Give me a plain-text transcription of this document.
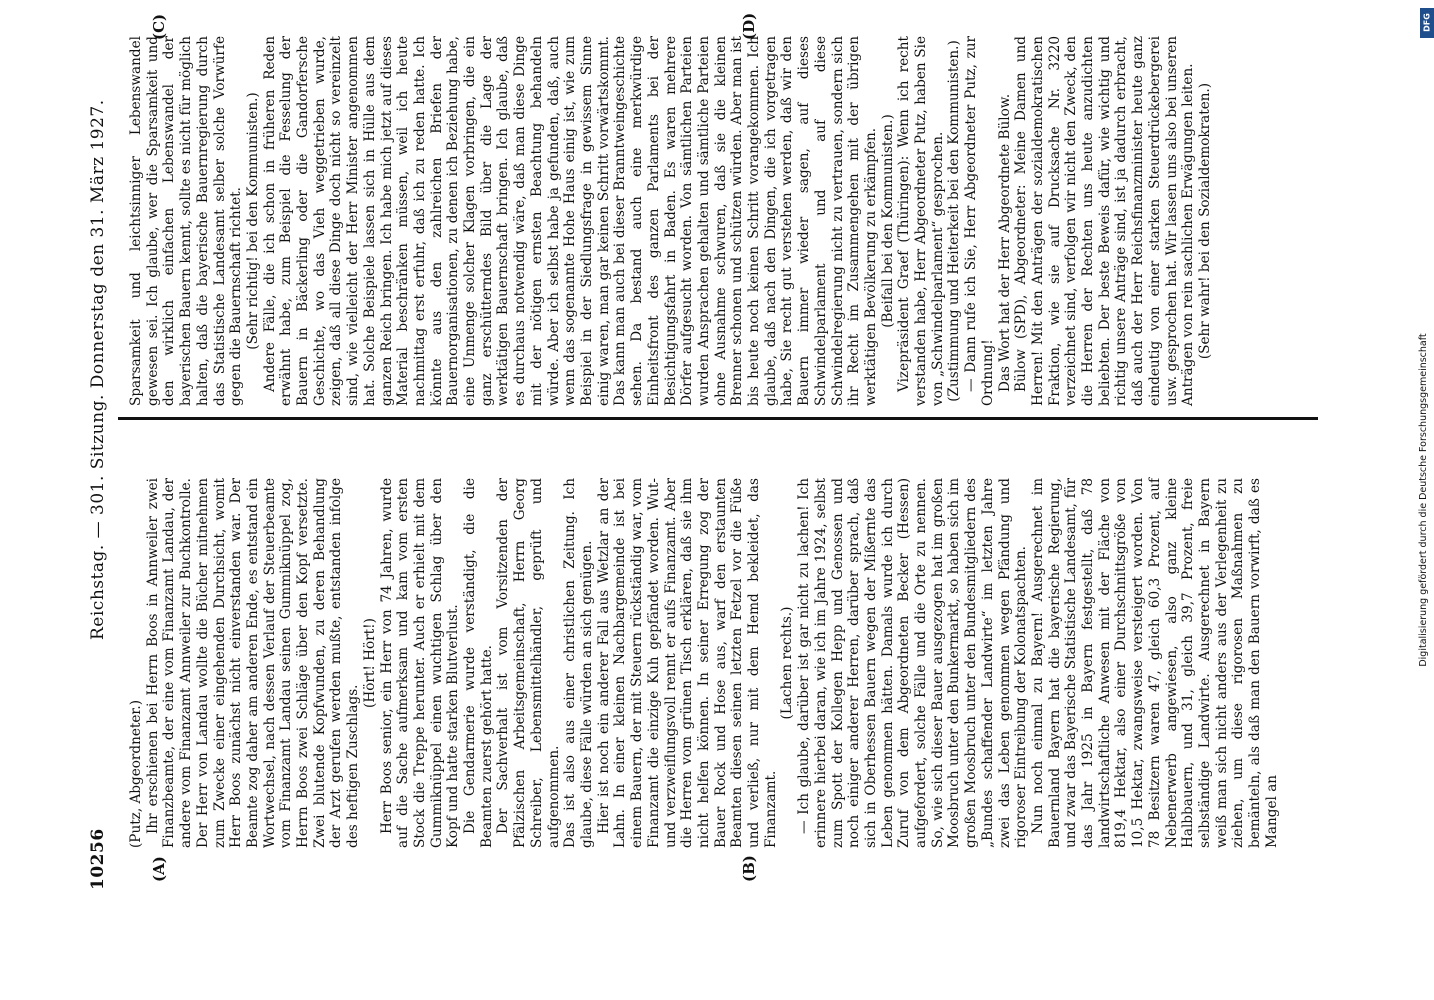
10256
Reichstag. — 301. Sitzung. Donnerstag den 31. März 1927.
(A)	(B)
(C)	(D)

(Putz, Abgeordneter.) Ihr erschienen bei Herrn Boos in Annweiler zwei Finanzbeamte, der eine vom Finanzamt Landau, der andere vom Finanzamt Annweiler zur Buchkontrolle. Der Herr von Landau wollte die Bücher mitnehmen zum Zwecke einer eingehenden Durchsicht, womit Herr Boos zunächst nicht einverstanden war. Der Beamte zog daher am anderen Ende, es entstand ein Wortwechsel, nach dessen Verlauf der Steuerbeamte vom Finanzamt Landau seinen Gummiknüppel zog, Herrn Boos zwei Schläge über den Kopf versetzte. Zwei blutende Kopfwunden, zu deren Behandlung der Arzt gerufen werden mußte, entstanden infolge des heftigen Zuschlags.

(Hört! Hört!) Herr Boos senior, ein Herr von 74 Jahren, wurde auf die Sache aufmerksam und kam vom ersten Stock die Treppe herunter. Auch er erhielt mit dem Gummiknüppel einen wuchtigen Schlag über den Kopf und hatte starken Blutverlust. Die Gendarmerie wurde verständigt, die die Beamten zuerst gehört hatte. Der Sachverhalt ist vom Vorsitzenden der Pfälzischen Arbeitsgemeinschaft, Herrn Georg Schreiber, Lebensmittelhändler, geprüft und aufgenommen. Das ist also aus einer christlichen Zeitung. Ich glaube, diese Fälle würden an sich genügen. Hier ist noch ein anderer Fall aus Wetzlar an der Lahn. In einer kleinen Nachbargemeinde ist bei einem Bauern, der mit Steuern rückständig war, vom Finanzamt die einzige Kuh gepfändet worden. Wut- und verzweiflungsvoll rennt er aufs Finanzamt. Aber die Herren vom grünen Tisch erklären, daß sie ihm nicht helfen können. In seiner Erregung zog der Bauer Rock und Hose aus, warf den erstaunten Beamten diesen seinen letzten Fetzel vor die Füße und verließ, nur mit dem Hemd bekleidet, das Finanzamt.

(Lachen rechts.) — Ich glaube, darüber ist gar nicht zu lachen! Ich erinnere hierbei daran, wie ich im Jahre 1924, selbst zum Spott der Kollegen Hepp und Genossen und noch einiger anderer Herren, darüber sprach, daß sich in Oberhessen Bauern wegen der Mißernte das Leben genommen hätten. Damals wurde ich durch Zuruf von dem Abgeordneten Becker (Hessen) aufgefordert, solche Fälle und die Orte zu nennen. So, wie sich dieser Bauer ausgezogen hat im großen Moosbruch unter den Bunkermarkt, so haben sich im großen Moosbruch unter den Bundesmitgliedern des „Bundes schaffender Landwirte“ im letzten Jahre zwei das Leben genommen wegen Pfändung und rigoroser Eintreibung der Kolonatspachten. Nun noch einmal zu Bayern! Ausgerechnet im Bauernland Bayern hat die bayerische Regierung, und zwar das Bayerische Statistische Landesamt, für das Jahr 1925 in Bayern festgestellt, daß 78 landwirtschaftliche Anwesen mit der Fläche von 819,4 Hektar, also einer Durchschnittsgröße von 10,5 Hektar, zwangsweise versteigert worden. Von 78 Besitzern waren 47, gleich 60,3 Prozent, auf Nebenerwerb angewiesen, also ganz kleine Halbbauern, und 31, gleich 39,7 Prozent, freie selbständige Landwirte. Ausgerechnet in Bayern weiß man sich nicht anders aus der Verlegenheit zu ziehen, um diese rigorosen Maßnahmen zu bemänteln, als daß man den Bauern vorwirft, daß es Mangel an

Sparsamkeit und leichtsinniger Lebenswandel gewesen sei. Ich glaube, wer die Sparsamkeit und den wirklich einfachen Lebenswandel der bayerischen Bauern kennt, sollte es nicht für möglich halten, daß die bayerische Bauernregierung durch das Statistische Landesamt selber solche Vorwürfe gegen die Bauernschaft richtet. (Sehr richtig! bei den Kommunisten.) Andere Fälle, die ich schon in früheren Reden erwähnt habe, zum Beispiel die Fesselung der Bauern in Bäckerling oder die Gandorfersche Geschichte, wo das Vieh weggetrieben wurde, zeigen, daß all diese Dinge doch nicht so vereinzelt sind, wie vielleicht der Herr Minister angenommen hat. Solche Beispiele lassen sich in Hülle aus dem ganzen Reich bringen. Ich habe mich jetzt auf dieses Material beschränken müssen, weil ich heute nachmittag erst erfuhr, daß ich zu reden hatte. Ich könnte aus den zahlreichen Briefen der Bauernorganisationen, zu denen ich Beziehung habe, eine Unmenge solcher Klagen vorbringen, die ein ganz erschütterndes Bild über die Lage der werktätigen Bauernschaft bringen. Ich glaube, daß es durchaus notwendig wäre, daß man diese Dinge mit der nötigen ernsten Beachtung behandeln würde. Aber ich selbst habe ja gefunden, daß, auch wenn das sogenannte Hohe Haus einig ist, wie zum Beispiel in der Siedlungsfrage in gewissem Sinne einig waren, man gar keinen Schritt vorwärtskommt. Das kann man auch bei dieser Branntweingeschichte sehen. Da bestand auch eine merkwürdige Einheitsfront des ganzen Parlaments bei der Besichtigungsfahrt in Baden. Es waren mehrere Dörfer aufgesucht worden. Von sämtlichen Parteien wurden Ansprachen gehalten und sämtliche Parteien ohne Ausnahme schwuren, daß sie die kleinen Brenner schonen und schützen würden. Aber man ist bis heute noch keinen Schritt vorangekommen. Ich glaube, daß nach den Dingen, die ich vorgetragen habe, Sie recht gut verstehen werden, daß wir den Bauern immer wieder sagen, auf dieses Schwindelparlament und auf diese Schwindelregierung nicht zu vertrauen, sondern sich ihr Recht im Zusammengehen mit der übrigen werktätigen Bevölkerung zu erkämpfen. (Beifall bei den Kommunisten.) Vizepräsident Graef (Thüringen): Wenn ich recht verstanden habe, Herr Abgeordneter Putz, haben Sie von „Schwindelparlament“ gesprochen. (Zustimmung und Heiterkeit bei den Kommunisten.) — Dann rufe ich Sie, Herr Abgeordneter Putz, zur Ordnung! Das Wort hat der Herr Abgeordnete Bülow. Bülow (SPD), Abgeordneter: Meine Damen und Herren! Mit den Anträgen der sozialdemokratischen Fraktion, wie sie auf Drucksache Nr. 3220 verzeichnet sind, verfolgen wir nicht den Zweck, den die Herren der Rechten uns heute anzudichten beliebten. Der beste Beweis dafür, wie wichtig und richtig unsere Anträge sind, ist ja dadurch erbracht, daß auch der Herr Reichsfinanzminister heute ganz eindeutig von einer starken Steuerdrückebergerei usw. gesprochen hat. Wir lassen uns also bei unseren Anträgen von rein sachlichen Erwägungen leiten. (Sehr wahr! bei den Sozialdemokraten.)

Digitalisierung gefördert durch die Deutsche Forschungsgemeinschaft
DFG
